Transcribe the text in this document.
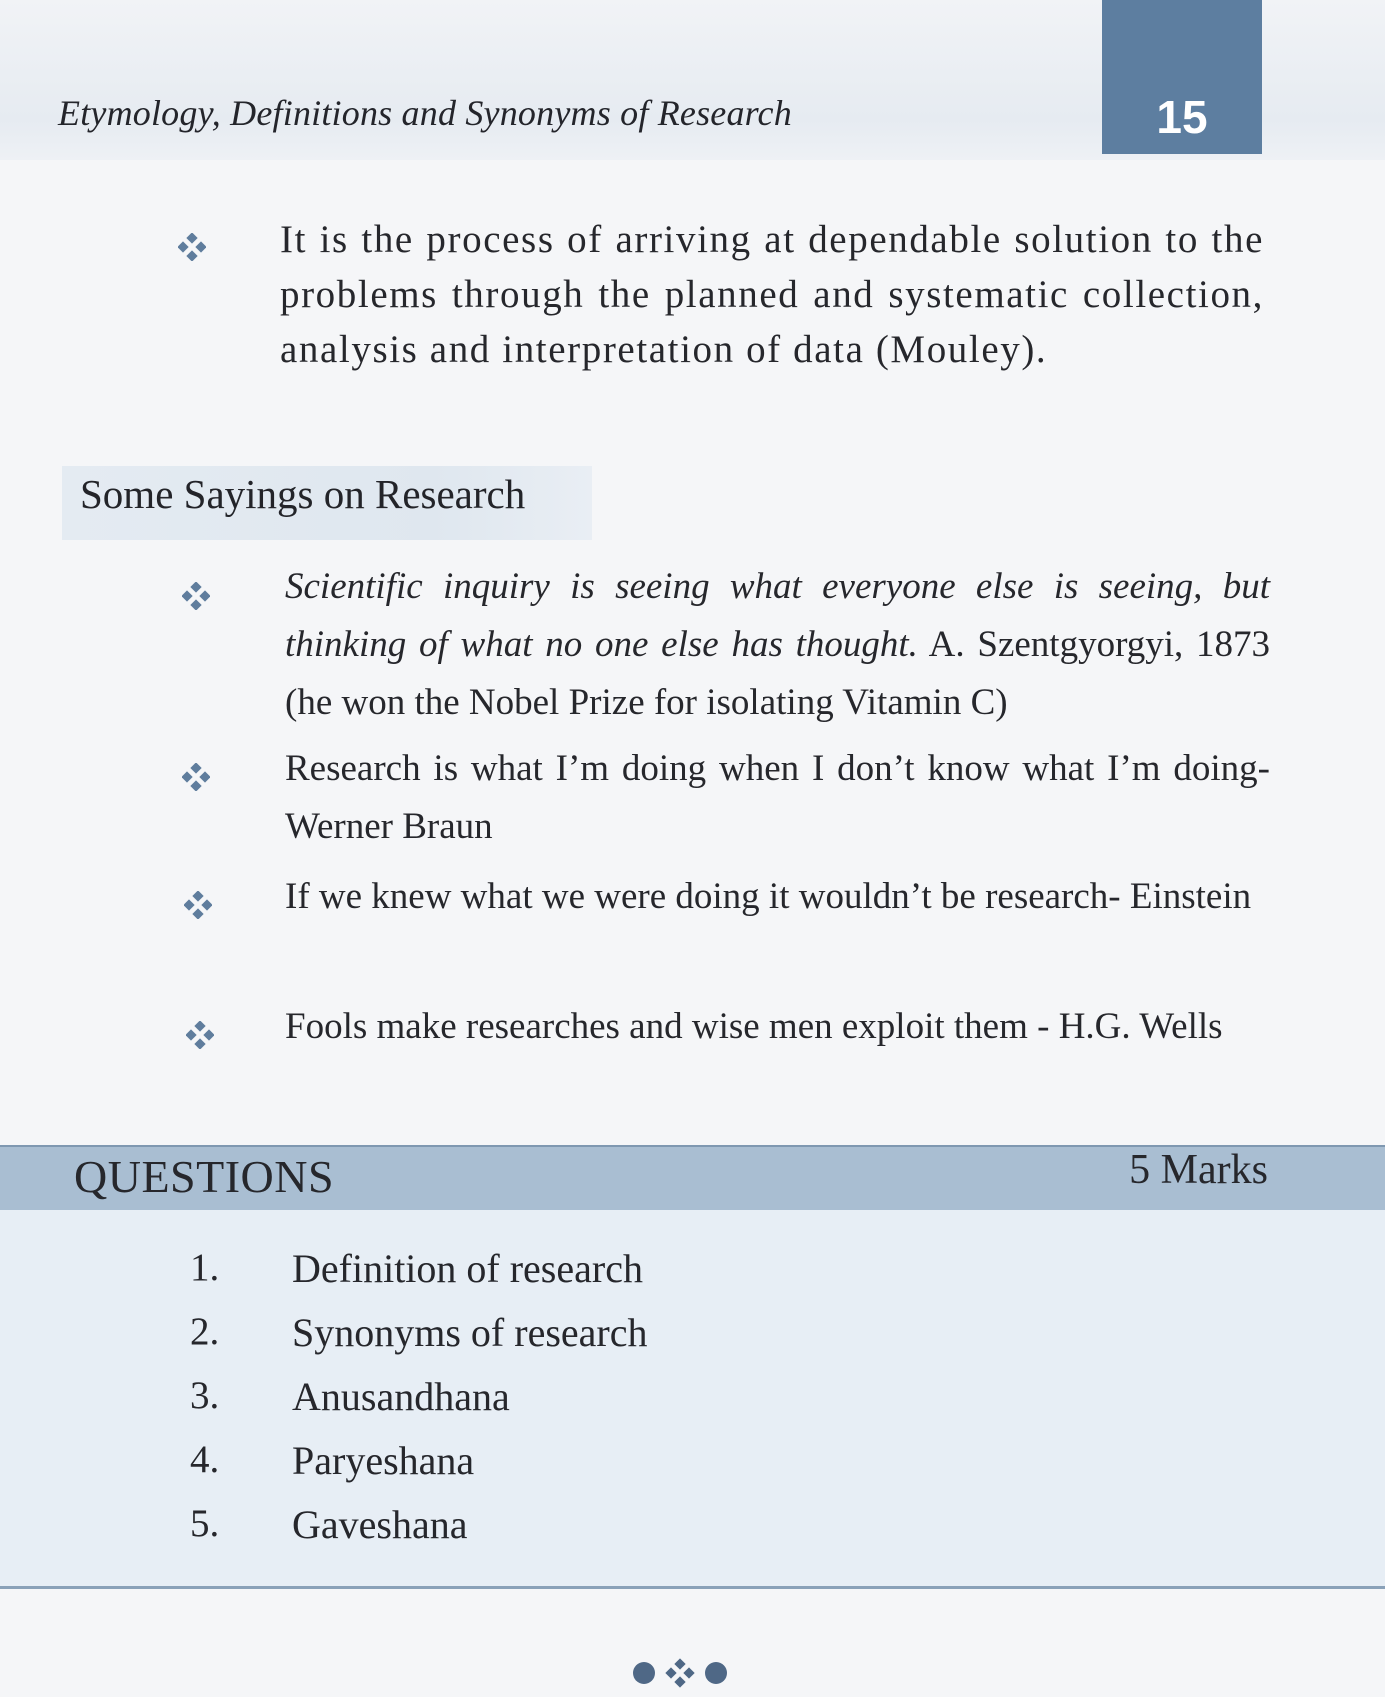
Etymology, Definitions and Synonyms of Research	15
It is the process of arriving at dependable solution to the problems through the planned and systematic collection, analysis and interpretation of data (Mouley).
Some Sayings on Research
Scientific inquiry is seeing what everyone else is seeing, but thinking of what no one else has thought. A. Szentgyorgyi, 1873 (he won the Nobel Prize for isolating Vitamin C)
Research is what I’m doing when I don’t know what I’m doing- Werner Braun
If we knew what we were doing it wouldn’t be research- Einstein
Fools make researches and wise men exploit them - H.G. Wells
QUESTIONS	5 Marks
1. Definition of research
2. Synonyms of research
3. Anusandhana
4. Paryeshana
5. Gaveshana
